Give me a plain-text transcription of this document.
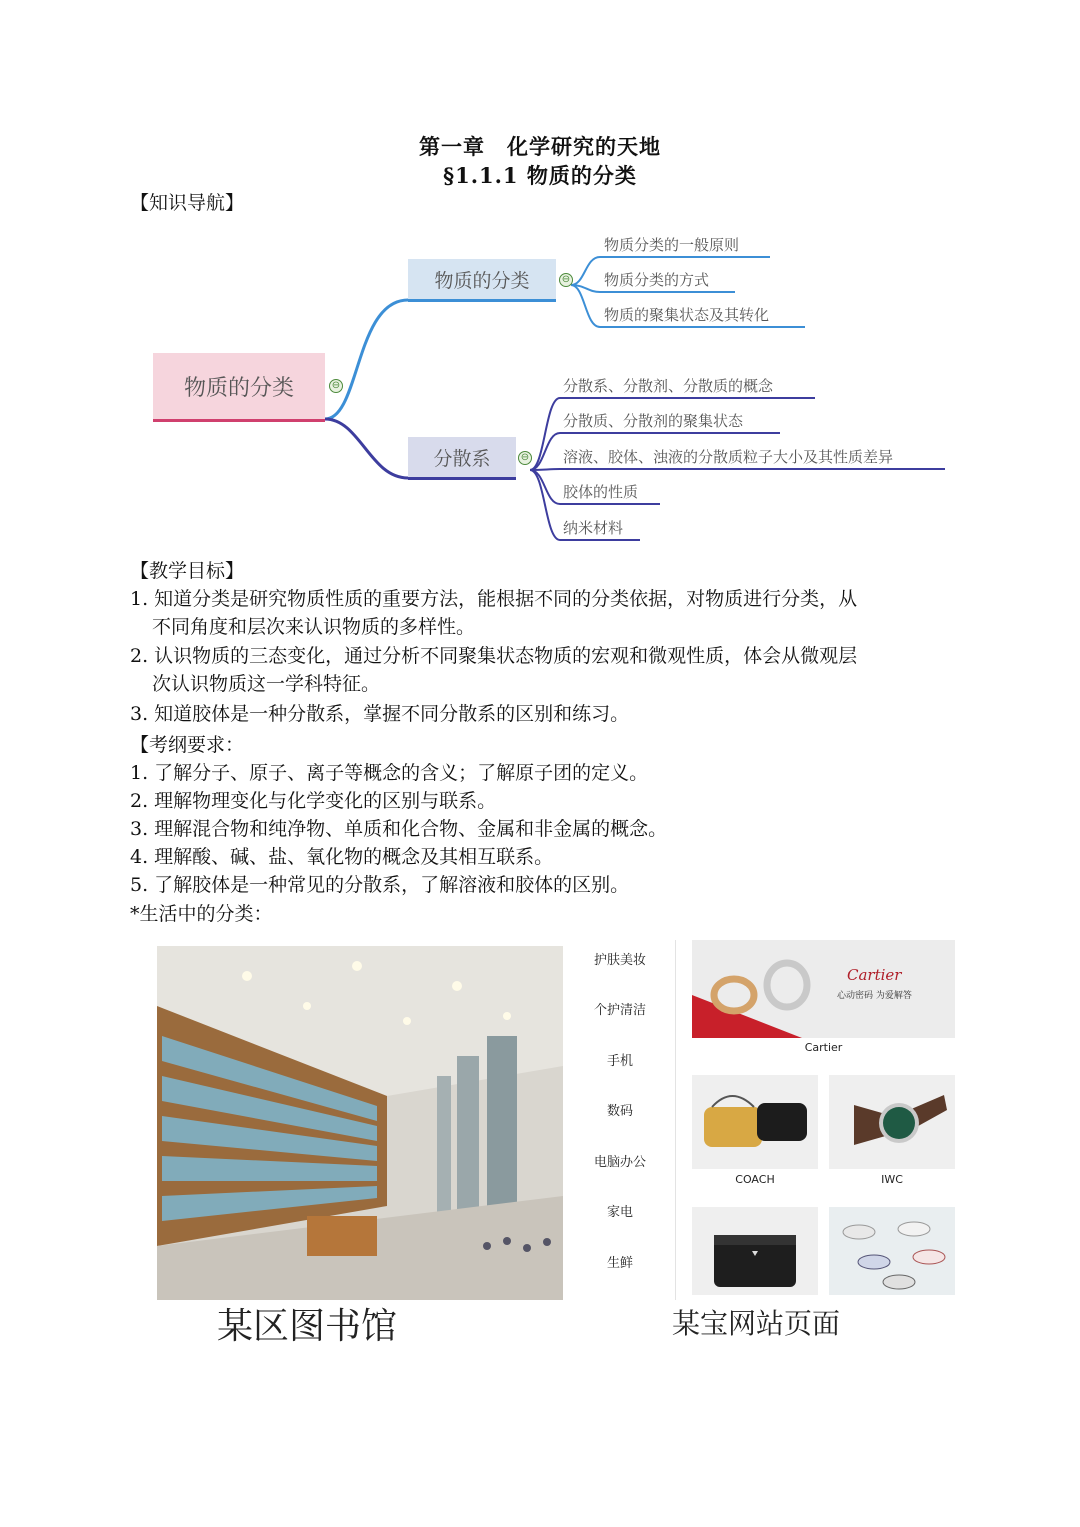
第一章　化学研究的天地
§1.1.1 物质的分类
【知识导航】
物质的分类	⊖
物质的分类	⊖
分散系	⊖
物质分类的一般原则
物质分类的方式
物质的聚集状态及其转化
分散系、分散剂、分散质的概念
分散质、分散剂的聚集状态
溶液、胶体、浊液的分散质粒子大小及其性质差异
胶体的性质
纳米材料
【教学目标】
1. 知道分类是研究物质性质的重要方法，能根据不同的分类依据，对物质进行分类，从
不同角度和层次来认识物质的多样性。
2. 认识物质的三态变化，通过分析不同聚集状态物质的宏观和微观性质，体会从微观层
次认识物质这一学科特征。
3. 知道胶体是一种分散系，掌握不同分散系的区别和练习。
【考纲要求：
1. 了解分子、原子、离子等概念的含义；了解原子团的定义。
2. 理解物理变化与化学变化的区别与联系。
3. 理解混合物和纯净物、单质和化合物、金属和非金属的概念。
4. 理解酸、碱、盐、氧化物的概念及其相互联系。
5. 了解胶体是一种常见的分散系，了解溶液和胶体的区别。
*生活中的分类：
某区图书馆
护肤美妆
个护清洁
手机
数码
电脑办公
家电
生鲜
Cartier
心动密码 为爱解答
Cartier
COACH	IWC
某宝网站页面
